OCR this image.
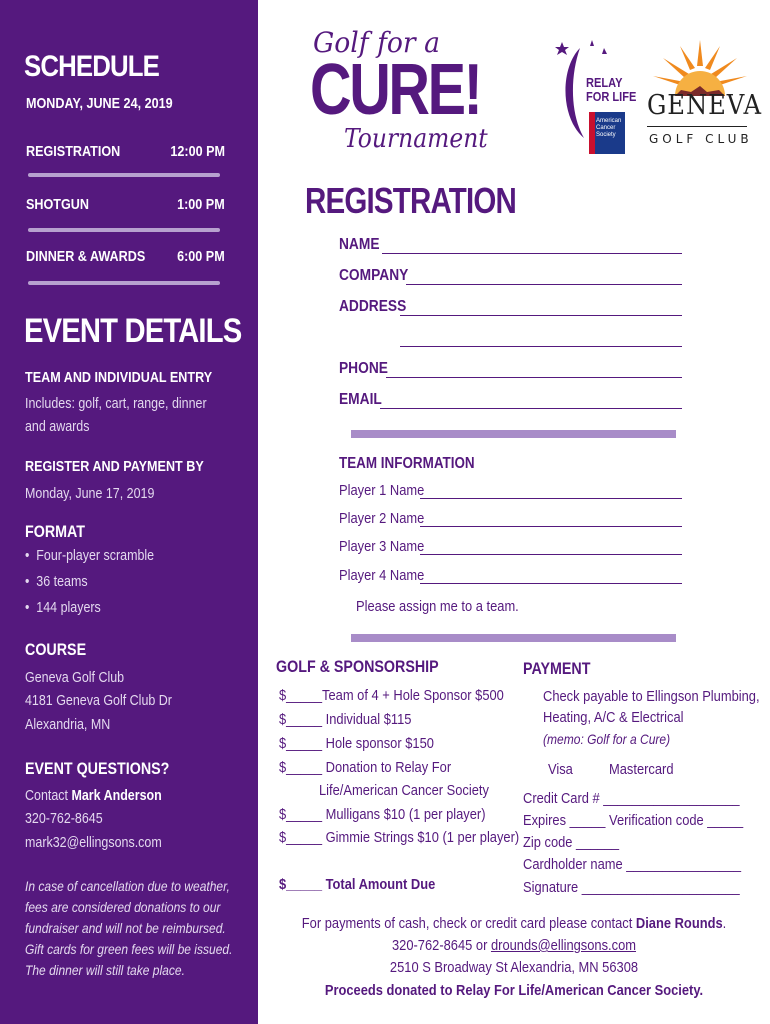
SCHEDULE
MONDAY, JUNE 24, 2019
REGISTRATION	12:00 PM
SHOTGUN	1:00 PM
DINNER & AWARDS 6:00 PM
EVENT DETAILS
TEAM AND INDIVIDUAL ENTRY
Includes: golf, cart, range, dinner
and awards
REGISTER AND PAYMENT BY
Monday, June 17, 2019
FORMAT
•  Four-player scramble
•  36 teams
•  144 players
COURSE
Geneva Golf Club
4181 Geneva Golf Club Dr
Alexandria, MN
EVENT QUESTIONS?
Contact Mark Anderson
320-762-8645
mark32@ellingsons.com
In case of cancellation due to weather,
fees are considered donations to our
fundraiser and will not be reimbursed.
Gift cards for green fees will be issued.
The dinner will still take place.
Golf for a
CURE!
Tournament
RELAY
FOR LIFE
American
Cancer
Society
GENEVA
GOLF CLUB
REGISTRATION
NAME
COMPANY
ADDRESS
PHONE
EMAIL
TEAM INFORMATION
Player 1 Name
Player 2 Name
Player 3 Name
Player 4 Name
Please assign me to a team.
GOLF & SPONSORSHIP
$_____Team of 4 + Hole Sponsor $500
$_____ Individual $115
$_____ Hole sponsor $150
$_____ Donation to Relay For
Life/American Cancer Society
$_____ Mulligans $10 (1 per player)
$_____ Gimmie Strings $10 (1 per player)
$_____ Total Amount Due
PAYMENT
Check payable to Ellingson Plumbing,
Heating, A/C & Electrical
(memo: Golf for a Cure)
Visa Mastercard
Credit Card # ___________________
Expires _____ Verification code _____
Zip code ______
Cardholder name ________________
Signature ______________________
For payments of cash, check or credit card please contact Diane Rounds.
320-762-8645 or drounds@ellingsons.com
2510 S Broadway St Alexandria, MN 56308
Proceeds donated to Relay For Life/American Cancer Society.
